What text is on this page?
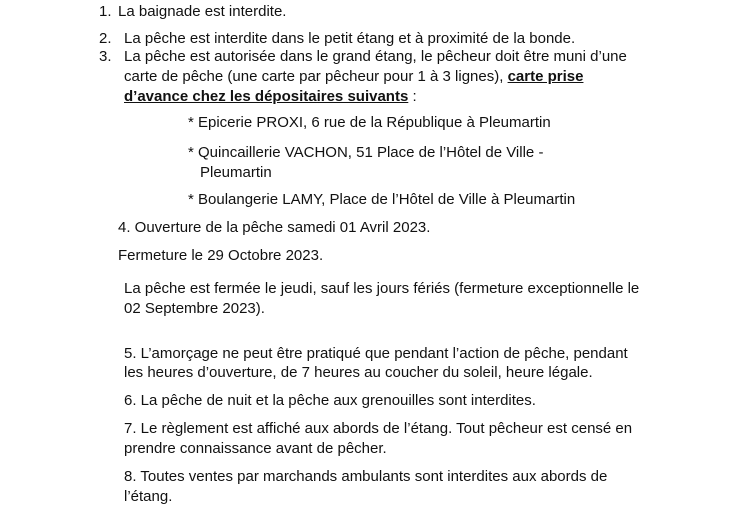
1. La baignade est interdite.
2. La pêche est interdite dans le petit étang et à proximité de la bonde.
3. La pêche est autorisée dans le grand étang, le pêcheur doit être muni d’une
carte de pêche (une carte par pêcheur pour 1 à 3 lignes), carte prise
d’avance chez les dépositaires suivants :
* Epicerie PROXI, 6 rue de la République à Pleumartin
* Quincaillerie VACHON, 51 Place de l’Hôtel de Ville -
Pleumartin
* Boulangerie LAMY, Place de l’Hôtel de Ville à Pleumartin
4. Ouverture de la pêche samedi 01 Avril 2023.
Fermeture le 29 Octobre 2023.
La pêche est fermée le jeudi, sauf les jours fériés (fermeture exceptionnelle le
02 Septembre 2023).
5. L’amorçage ne peut être pratiqué que pendant l’action de pêche, pendant
les heures d’ouverture, de 7 heures au coucher du soleil, heure légale.
6. La pêche de nuit et la pêche aux grenouilles sont interdites.
7. Le règlement est affiché aux abords de l’étang. Tout pêcheur est censé en
prendre connaissance avant de pêcher.
8. Toutes ventes par marchands ambulants sont interdites aux abords de
l’étang.
